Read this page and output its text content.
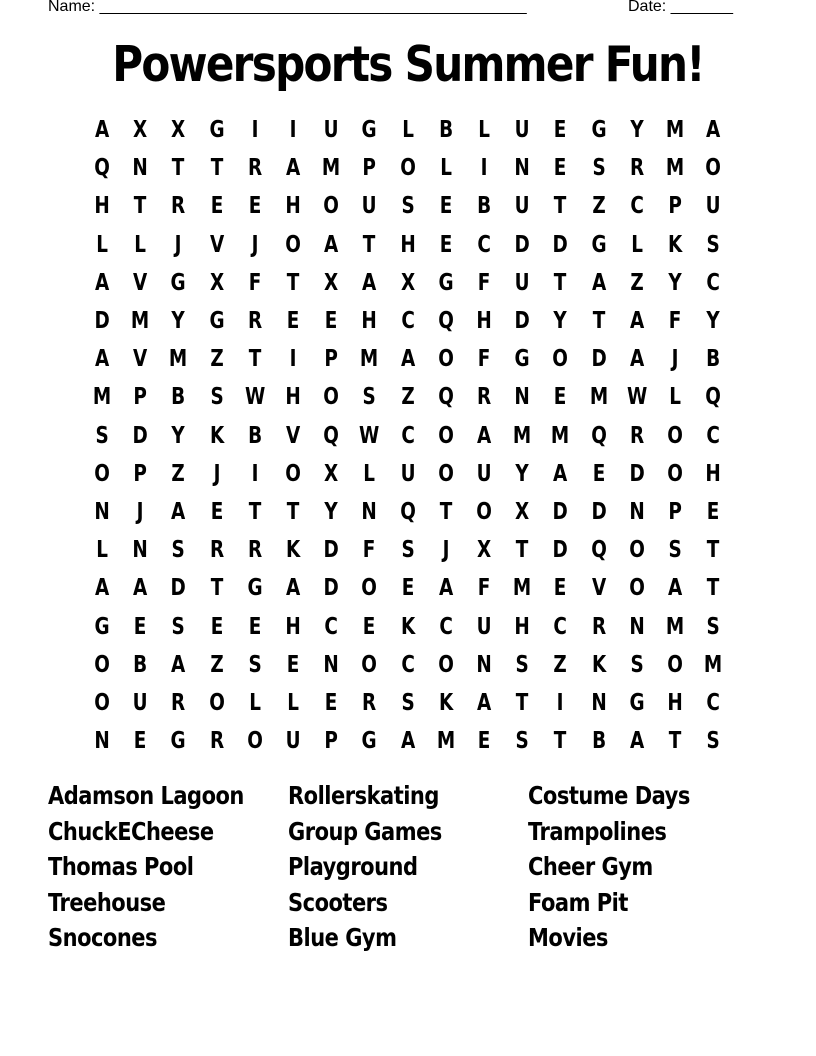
Name: ________________________________________________	Date: _______
Powersports Summer Fun!
A	X	X	G	I	I	U	G	L	B	L	U	E	G	Y M A
Q N	T	T	R	A M P	O	L	I	N	E	S	R M O
H	T	R	E	E	H O U	S	E	B	U	T	Z	C	P	U
L	L	J	V	J	O	A	T	H	E	C	D D	G	L	K	S
A	V	G	X	F	T	X	A	X	G	F	U	T	A	Z	Y	C
D M Y	G	R	E	E	H	C	Q H D	Y	T	A	F	Y
A	V M Z	T	I	P M A	O	F	G O D	A	J	B
M P	B	S W H O	S	Z	Q	R	N	E M W L	Q
S	D	Y	K	B	V	Q W C	O	A M M Q	R	O	C
O	P	Z	J	I	O	X	L	U O U	Y	A	E	D O H
N	J	A	E	T	T	Y	N Q	T	O	X	D D N	P	E
L	N	S	R	R	K	D	F	S	J	X	T	D Q O	S	T
A	A	D	T	G	A	D O	E	A	F M E	V	O	A	T
G	E	S	E	E	H	C	E	K	C	U	H	C	R	N M S
O	B	A	Z	S	E	N O	C	O N	S	Z	K	S	O M
O U	R	O	L	L	E	R	S	K	A	T	I	N G H	C
N	E	G	R	O U	P	G	A M E	S	T	B	A	T	S
Adamson Lagoon
ChuckECheese
Thomas Pool
Treehouse
Snocones
Rollerskating
Group Games
Playground
Scooters
Blue Gym
Costume Days
Trampolines
Cheer Gym
Foam Pit
Movies
